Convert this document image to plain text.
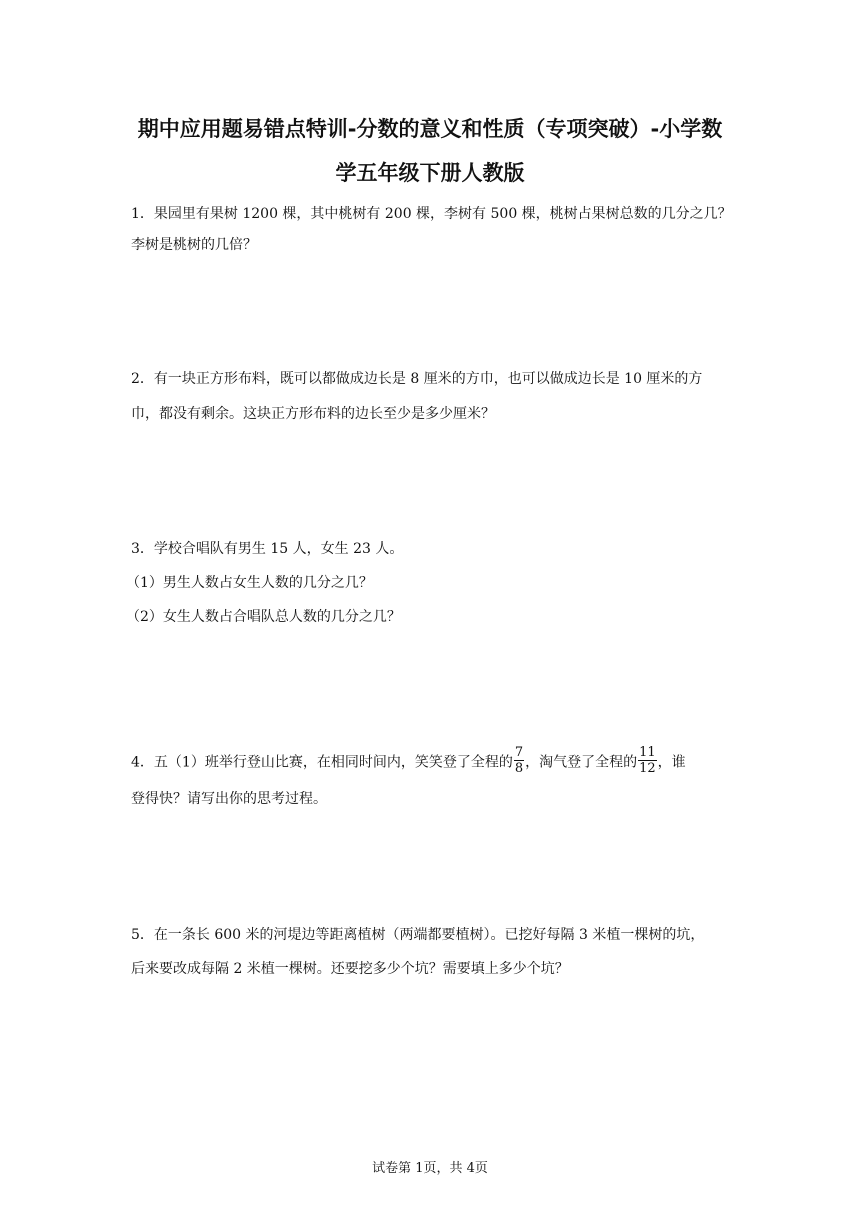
期中应用题易错点特训-分数的意义和性质（专项突破）-小学数
学五年级下册人教版
1．果园里有果树 1200 棵，其中桃树有 200 棵，李树有 500 棵，桃树占果树总数的几分之几？
李树是桃树的几倍？
2．有一块正方形布料，既可以都做成边长是 8 厘米的方巾，也可以做成边长是 10 厘米的方
巾，都没有剩余。这块正方形布料的边长至少是多少厘米？
3．学校合唱队有男生 15 人，女生 23 人。
（1）男生人数占女生人数的几分之几？
（2）女生人数占合唱队总人数的几分之几？
4．五（1）班举行登山比赛，在相同时间内，笑笑登了全程的 $\frac{7}{8}$ ，淘气登了全程的 $\frac{11}{12}$ ，谁
登得快？请写出你的思考过程。
5．在一条长 600 米的河堤边等距离植树（两端都要植树）。已挖好每隔 3 米植一棵树的坑，
后来要改成每隔 2 米植一棵树。还要挖多少个坑？需要填上多少个坑？
试卷第 1页，共 4页
